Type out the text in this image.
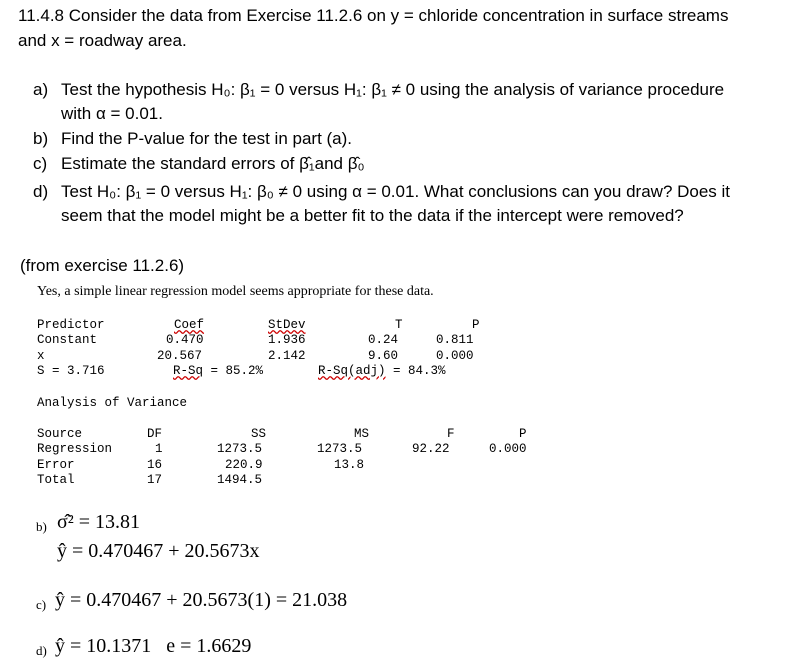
11.4.8 Consider the data from Exercise 11.2.6 on y = chloride concentration in surface streams
and x = roadway area.
a) Test the hypothesis H₀: β₁ = 0 versus H₁: β₁ ≠ 0 using the analysis of variance procedure
with α = 0.01.
b) Find the P-value for the test in part (a).
c) Estimate the standard errors of β̂₁and β̂₀
d) Test H₀: β₁ = 0 versus H₁: β₀ ≠ 0 using α = 0.01. What conclusions can you draw? Does it
seem that the model might be a better fit to the data if the intercept were removed?
(from exercise 11.2.6)
Yes, a simple linear regression model seems appropriate for these data.
Predictor	Coef	StDev	T	P
Constant	0.470	1.936	0.24	0.811
x	20.567	2.142	9.60	0.000
S = 3.716	R-Sq = 85.2%	R-Sq(adj) = 84.3%
Analysis of Variance
Source	DF	SS	MS	F	P
Regression	1	1273.5	1273.5	92.22	0.000
Error	16	220.9	13.8
Total	17	1494.5
b) σ̂² = 13.81
ŷ = 0.470467 + 20.5673x
c) ŷ = 0.470467 + 20.5673(1) = 21.038
d) ŷ = 10.1371   e = 1.6629
